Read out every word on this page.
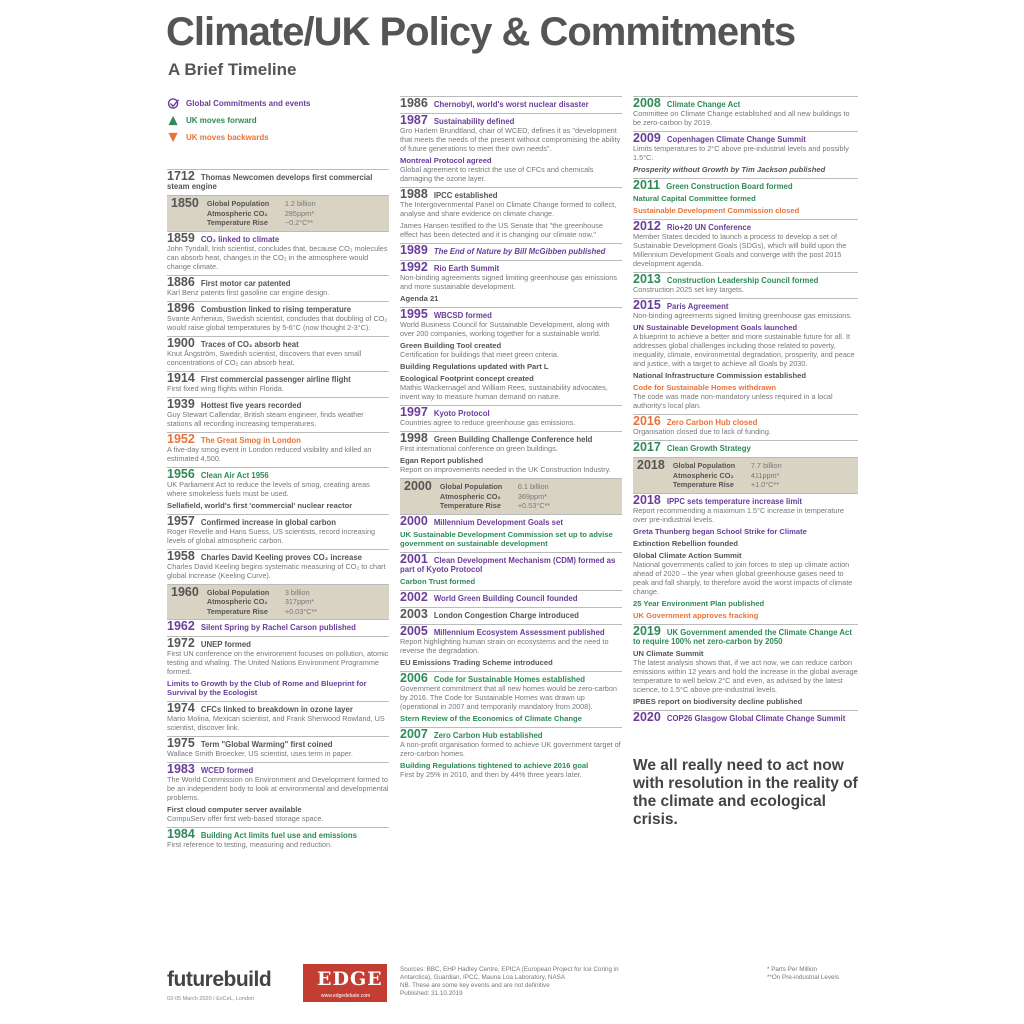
Climate/UK Policy & Commitments
A Brief Timeline
Global Commitments and events
UK moves forward
UK moves backwards
1712 Thomas Newcomen develops first commercial steam engine
1850 Global Population
Atmospheric CO₂
Temperature Rise
1.2 billion
285ppm*
−0.2°C**
1859 CO₂ linked to climate
John Tyndall, Irish scientist, concludes that, because CO₂ molecules can absorb heat, changes in the CO₂ in the atmosphere would change climate.
1886 First motor car patented
Karl Benz patents first gasoline car engine design.
1896 Combustion linked to rising temperature
Svante Arrhenius, Swedish scientist, concludes that doubling of CO₂ would raise global temperatures by 5-6°C (now thought 2-3°C).
1900 Traces of CO₂ absorb heat
Knut Ångström, Swedish scientist, discovers that even small concentrations of CO₂ can absorb heat.
1914 First commercial passenger airline flight
First fixed wing flights within Florida.
1939 Hottest five years recorded
Guy Stewart Callendar, British steam engineer, finds weather stations all recording increasing temperatures.
1952 The Great Smog in London
A five-day smog event in London reduced visibility and killed an estimated 4,500.
1956 Clean Air Act 1956
UK Parliament Act to reduce the levels of smog, creating areas where smokeless fuels must be used.
Sellafield, world's first 'commercial' nuclear reactor
1957 Confirmed increase in global carbon
Roger Revelle and Hans Suess, US scientists, record increasing levels of global atmospheric carbon.
1958 Charles David Keeling proves CO₂ increase
Charles David Keeling begins systematic measuring of CO₂ to chart global increase (Keeling Curve).
1960 Global Population
Atmospheric CO₂
Temperature Rise
3 billion
317ppm*
+0.03°C**
1962 Silent Spring by Rachel Carson published
1972 UNEP formed
First UN conference on the environment focuses on pollution, atomic testing and whaling. The United Nations Environment Programme formed.
Limits to Growth by the Club of Rome and Blueprint for Survival by the Ecologist
1974 CFCs linked to breakdown in ozone layer
Mario Molina, Mexican scientist, and Frank Sherwood Rowland, US scientist, discover link.
1975 Term "Global Warming" first coined
Wallace Smith Broecker, US scientist, uses term in paper.
1983 WCED formed
The World Commission on Environment and Development formed to be an independent body to look at environmental and developmental problems.
First cloud computer server available
CompuServ offer first web-based storage space.
1984 Building Act limits fuel use and emissions
First reference to testing, measuring and reduction.
1986 Chernobyl, world's worst nuclear disaster
1987 Sustainability defined
Gro Harlem Brundtland, chair of WCED, defines it as "development that meets the needs of the present without compromising the ability of future generations to meet their own needs".
Montreal Protocol agreed
Global agreement to restrict the use of CFCs and chemicals damaging the ozone layer.
1988 IPCC established
The Intergovernmental Panel on Climate Change formed to collect, analyse and share evidence on climate change.
James Hansen testified to the US Senate that "the greenhouse effect has been detected and it is changing our climate now."
1989 The End of Nature by Bill McGibben published
1992 Rio Earth Summit
Non-binding agreements signed limiting greenhouse gas emissions and more sustainable development.
Agenda 21
1995 WBCSD formed
World Business Council for Sustainable Development, along with over 200 companies, working together for a sustainable world.
Green Building Tool created
Certification for buildings that meet green criteria.
Building Regulations updated with Part L
Ecological Footprint concept created
Mathis Wackernagel and William Rees, sustainability advocates, invent way to measure human demand on nature.
1997 Kyoto Protocol
Countries agree to reduce greenhouse gas emissions.
1998 Green Building Challenge Conference held
First international conference on green buildings.
Egan Report published
Report on improvements needed in the UK Construction Industry.
2000 Global Population
Atmospheric CO₂
Temperature Rise
6.1 billion
369ppm*
+0.53°C**
2000 Millennium Development Goals set
UK Sustainable Development Commission set up to advise government on sustainable development
2001 Clean Development Mechanism (CDM) formed as part of Kyoto Protocol
Carbon Trust formed
2002 World Green Building Council founded
2003 London Congestion Charge introduced
2005 Millennium Ecosystem Assessment published
Report highlighting human strain on ecosystems and the need to reverse the degradation.
EU Emissions Trading Scheme introduced
2006 Code for Sustainable Homes established
Government commitment that all new homes would be zero-carbon by 2016. The Code for Sustainable Homes was drawn up (operational in 2007 and temporarily mandatory from 2008).
Stern Review of the Economics of Climate Change
2007 Zero Carbon Hub established
A non-profit organisation formed to achieve UK government target of zero-carbon homes.
Building Regulations tightened to achieve 2016 goal
First by 25% in 2010, and then by 44% three years later.
2008 Climate Change Act
Committee on Climate Change established and all new buildings to be zero-carbon by 2019.
2009 Copenhagen Climate Change Summit
Limits temperatures to 2°C above pre-industrial levels and possibly 1.5°C.
Prosperity without Growth by Tim Jackson published
2011 Green Construction Board formed
Natural Capital Committee formed
Sustainable Development Commission closed
2012 Rio+20 UN Conference
Member States decided to launch a process to develop a set of Sustainable Development Goals (SDGs), which will build upon the Millennium Development Goals and converge with the post 2015 development agenda.
2013 Construction Leadership Council formed
Construction 2025 set key targets.
2015 Paris Agreement
Non-binding agreements signed limiting greenhouse gas emissions.
UN Sustainable Development Goals launched
A blueprint to achieve a better and more sustainable future for all. It addresses global challenges including those related to poverty, inequality, climate, environmental degradation, prosperity, and peace and justice, with a target to achieve all Goals by 2030.
National Infrastructure Commission established
Code for Sustainable Homes withdrawn
The code was made non-mandatory unless required in a local authority's local plan.
2016 Zero Carbon Hub closed
Organisation closed due to lack of funding.
2017 Clean Growth Strategy
2018 Global Population
Atmospheric CO₂
Temperature Rise
7.7 billion
411ppm*
+1.0°C**
2018 IPPC sets temperature increase limit
Report recommending a maximum 1.5°C increase in temperature over pre-industrial levels.
Greta Thunberg began School Strike for Climate
Extinction Rebellion founded
Global Climate Action Summit
National governments called to join forces to step up climate action ahead of 2020 – the year when global greenhouse gases need to peak and fall sharply, to therefore avoid the worst impacts of climate change.
25 Year Environment Plan published
UK Government approves fracking
2019 UK Government amended the Climate Change Act to require 100% net zero-carbon by 2050
UN Climate Summit
The latest analysis shows that, if we act now, we can reduce carbon emissions within 12 years and hold the increase in the global average temperature to well below 2°C and even, as advised by the latest science, to 1.5°C above pre-industrial levels.
IPBES report on biodiversity decline published
2020 COP26 Glasgow Global Climate Change Summit
We all really need to act now with resolution in the reality of the climate and ecological crisis.
futurebuild
03-05 March 2020 / ExCeL, London
EDGE
www.edgedebate.com
Sources: BBC, EHP Hadley Centre, EPICA (European Project for Ice Coring in Antarctica), Guardian, IPCC, Mauna Loa Laboratory, NASA
NB. These are some key events and are not definitive
Published: 31.10.2019
* Parts Per Million
**On Pre-industrial Levels
